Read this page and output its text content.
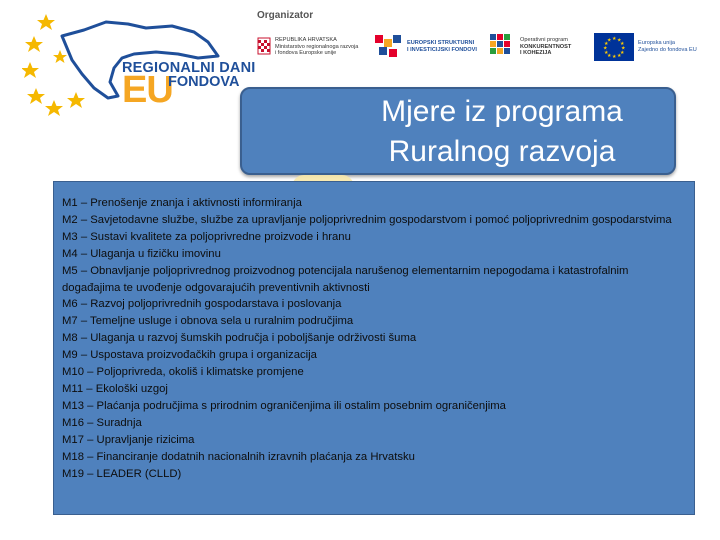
REGIONALNI DANI
EU
FONDOVA
Organizator
REPUBLIKA HRVATSKA
Ministarstvo regionalnoga razvoja
i fondova Europske unije
EUROPSKI STRUKTURNI
I INVESTICIJSKI FONDOVI
Operativni program
KONKURENTNOST
I KOHEZIJA
★ ★
★
★
★
★
★
★
★
★
★
★	Europska unija
Zajedno do fondova EU
Mjere iz programa Ruralnog razvoja
M1 – Prenošenje znanja i aktivnosti informiranja
M2 – Savjetodavne službe, službe za upravljanje poljoprivrednim gospodarstvom i pomoć poljoprivrednim gospodarstvima
M3 – Sustavi kvalitete za poljoprivredne proizvode i hranu
M4 – Ulaganja u fizičku imovinu
M5 – Obnavljanje poljoprivrednog proizvodnog potencijala narušenog elementarnim nepogodama i katastrofalnim događajima te uvođenje odgovarajućih preventivnih aktivnosti
M6 – Razvoj poljoprivrednih gospodarstava i poslovanja
M7 – Temeljne usluge i obnova sela u ruralnim područjima
M8 – Ulaganja u razvoj šumskih područja i poboljšanje održivosti šuma
M9 – Uspostava proizvođačkih grupa i organizacija
M10 – Poljoprivreda, okoliš i klimatske promjene
M11 – Ekološki uzgoj
M13 – Plaćanja područjima s prirodnim ograničenjima ili ostalim posebnim ograničenjima
M16 – Suradnja
M17 – Upravljanje rizicima
M18 – Financiranje dodatnih nacionalnih izravnih plaćanja za Hrvatsku
M19 – LEADER (CLLD)
